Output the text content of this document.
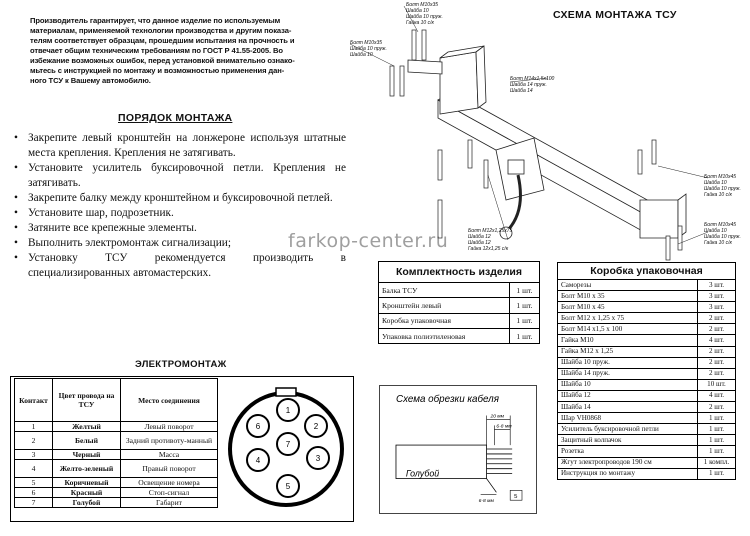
Производитель гарантирует, что данное изделие по используемым
материалам, применяемой технологии производства и другим показа-
телям соответствует образцам, прошедшим испытания на прочность и
отвечает общим техническим требованиям по ГОСТ Р 41.55-2005. Во
избежание возможных ошибок, перед установкой внимательно ознако-
мьтесь с инструкцией по монтажу и возможностью применения дан-
ного ТСУ к Вашему автомобилю.
ПОРЯДОК МОНТАЖА
• Закрепите левый кронштейн на лонжероне используя штатные места крепления. Крепления не затягивать.
• Установите усилитель буксировочной петли. Крепления не затягивать.
• Закрепите балку между кронштейном и буксировочной петлей.
• Установите шар, подрозетник.
• Затяните все крепежные элементы.
• Выполнить электромонтаж сигнализации;
• Установку ТСУ рекомендуется производить в специализированных автомастерских.
СХЕМА МОНТАЖА ТСУ
Болт М10х35
Шайба 10
Шайба 10 пруж.
Гайка 10 с/к
Болт М10х35
Шайба 10 пруж.
Шайба 10
Болт М14х1,5х100
Шайба 14 пруж.
Шайба 14
Болт М10х45
Шайба 10
Шайба 10 пруж.
Гайка 10 с/к
Болт М10х45
Шайба 10
Шайба 10 пруж.
Гайка 10 с/к
Болт М12х1,25х75
Шайба 12
Шайба 12
Гайка 12х1,25 с/к
farkop-center.ru
Комплектность изделия	
Балка ТСУ	1 шт.
Кронштейн левый	1 шт.
Коробка упаковочная	1 шт.
Упаковка полиэтиленовая	1 шт.
Коробка упаковочная	
Саморезы	3 шт.
Болт М10 х 35	3 шт.
Болт М10 х 45	3 шт.
Болт М12 х 1,25 х 75	2 шт.
Болт М14 х1,5 х 100	2 шт.
Гайка М10	4 шт.
Гайка М12 х 1,25	2 шт.
Шайба 10 пруж.	2 шт.
Шайба 14 пруж.	2 шт.
Шайба 10	10 шт.
Шайба 12	4 шт.
Шайба 14	2 шт.
Шар VH0868	1 шт.
Усилитель буксировочной петли	1 шт.
Защитный колпачок	1 шт.
Розетка	1 шт.
Жгут электропроводов 190 см	1 компл.
Инструкция по монтажу	1 шт.
ЭЛЕКТРОМОНТАЖ
Контакт	Цвет провода на ТСУ	Место соединения
1	Желтый	Левый поворот
2	Белый	Задний противоту-манный
3	Черный	Масса
4	Желто-зеленый	Правый поворот
5	Коричневый	Освещение номера
6	Красный	Стоп-сигнал
7	Голубой	Габарит
1
2
3
4
5
6
7
Схема обрезки кабеля
20 мм
6-8 мм
Голубой
6-8 мм
5
